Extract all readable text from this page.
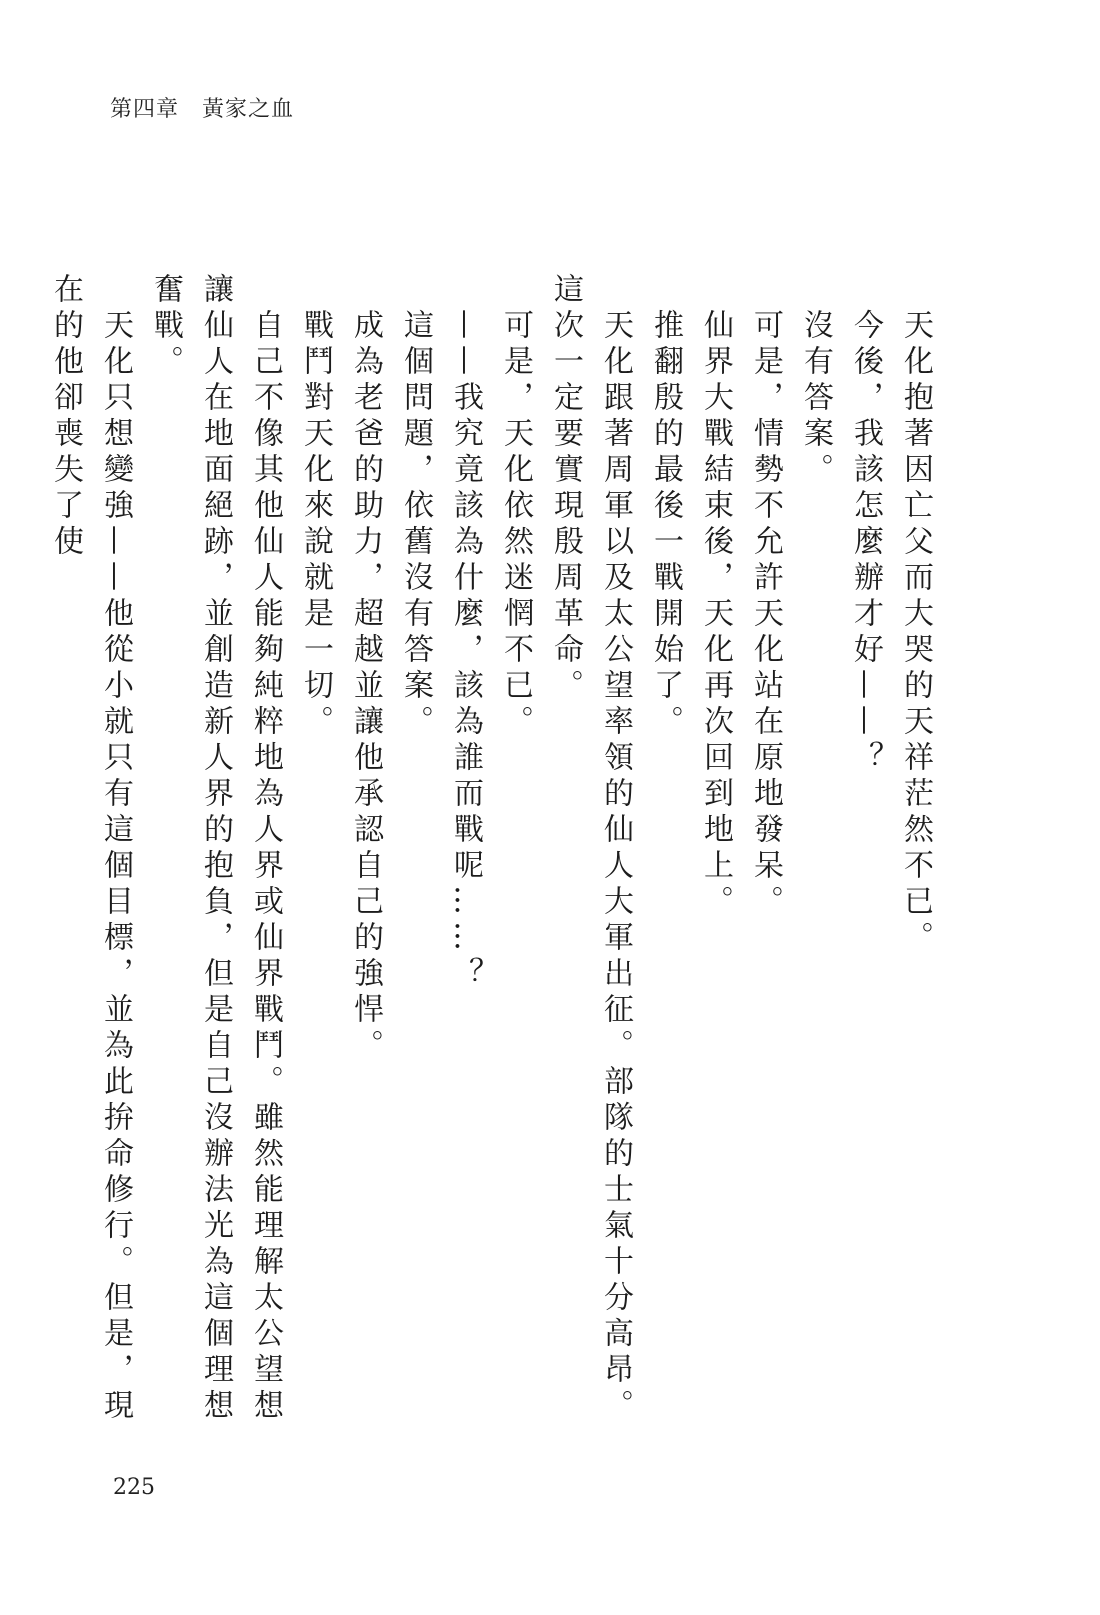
第四章　 黃家之血

天化抱著因亡父而大哭的天祥茫然不已。

今後，我該怎麼辦才好——？

沒有答案。

可是，情勢不允許天化站在原地發呆。

仙界大戰結束後，天化再次回到地上。

推翻殷的最後一戰開始了。

天化跟著周軍以及太公望率領的仙人大軍出征。部隊的士氣十分高昂。這次一定要實現殷周革命。

可是，天化依然迷惘不已。

——我究竟該為什麼，該為誰而戰呢……？

這個問題，依舊沒有答案。

成為老爸的助力，超越並讓他承認自己的強悍。

戰鬥對天化來說就是一切。

自己不像其他仙人能夠純粹地為人界或仙界戰鬥。雖然能理解太公望想讓仙人在地面絕跡，並創造新人界的抱負，但是自己沒辦法光為這個理想奮戰。

天化只想變強——他從小就只有這個目標，並為此拚命修行。但是，現在的他卻喪失了使

225
